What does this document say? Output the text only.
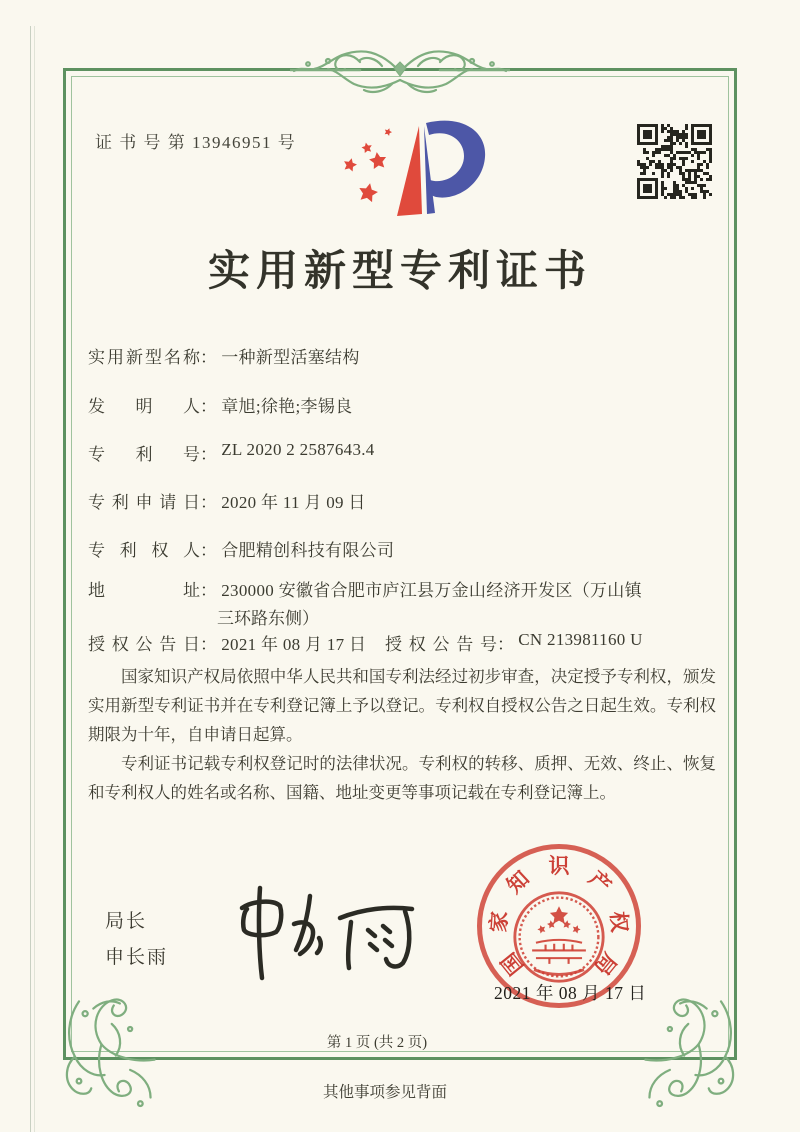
证 书 号 第 13946951 号
实用新型专利证书
实用新型名称： 一种新型活塞结构
发明人： 章旭;徐艳;李锡良
专利号： ZL 2020 2 2587643.4
专利申请日： 2020 年 11 月 09 日
专利权人： 合肥精创科技有限公司
地址： 230000 安徽省合肥市庐江县万金山经济开发区（万山镇
三环路东侧）
授权公告日： 2021 年 08 月 17 日 授权公告号： CN 213981160 U

国家知识产权局依照中华人民共和国专利法经过初步审查，决定授予专利权，颁发实用新型专利证书并在专利登记簿上予以登记。专利权自授权公告之日起生效。专利权期限为十年，自申请日起算。

专利证书记载专利权登记时的法律状况。专利权的转移、质押、无效、终止、恢复和专利权人的姓名或名称、国籍、地址变更等事项记载在专利登记簿上。

局长
申长雨	国
家
知
识
产
权
局
2021 年 08 月 17 日
第 1 页 (共 2 页)
其他事项参见背面
